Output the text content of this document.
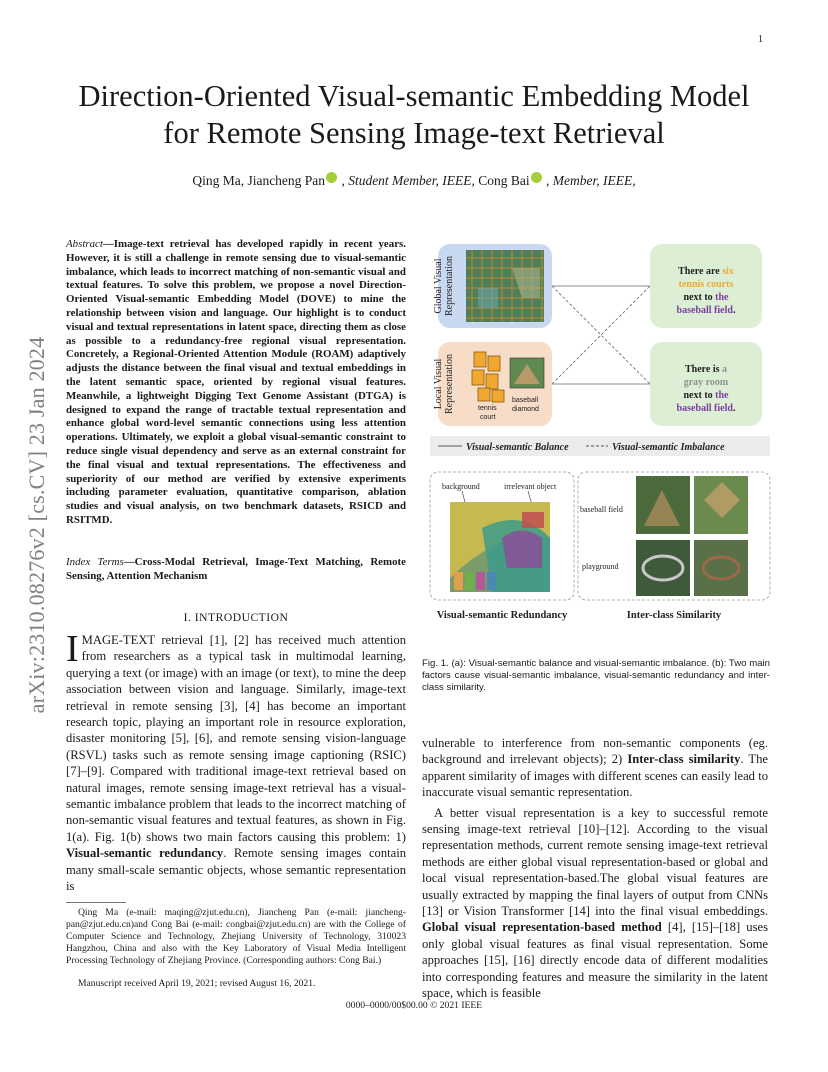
1
arXiv:2310.08276v2 [cs.CV] 23 Jan 2024
Direction-Oriented Visual-semantic Embedding Model for Remote Sensing Image-text Retrieval
Qing Ma, Jiancheng Pan , Student Member, IEEE, Cong Bai , Member, IEEE,
Abstract—Image-text retrieval has developed rapidly in recent years. However, it is still a challenge in remote sensing due to visual-semantic imbalance, which leads to incorrect matching of non-semantic visual and textual features. To solve this problem, we propose a novel Direction-Oriented Visual-semantic Embedding Model (DOVE) to mine the relationship between vision and language. Our highlight is to conduct visual and textual representations in latent space, directing them as close as possible to a redundancy-free regional visual representation. Concretely, a Regional-Oriented Attention Module (ROAM) adaptively adjusts the distance between the final visual and textual embeddings in the latent semantic space, oriented by regional visual features. Meanwhile, a lightweight Digging Text Genome Assistant (DTGA) is designed to expand the range of tractable textual representation and enhance global word-level semantic connections using less attention operations. Ultimately, we exploit a global visual-semantic constraint to reduce single visual dependency and serve as an external constraint for the final visual and textual representations. The effectiveness and superiority of our method are verified by extensive experiments including parameter evaluation, quantitative comparison, ablation studies and visual analysis, on two benchmark datasets, RSICD and RSITMD.
Index Terms—Cross-Modal Retrieval, Image-Text Matching, Remote Sensing, Attention Mechanism
I. INTRODUCTION
IMAGE-TEXT retrieval [1], [2] has received much attention from researchers as a typical task in multimodal learning, querying a text (or image) with an image (or text), to mine the deep association between vision and language. Similarly, image-text retrieval in remote sensing [3], [4] has become an important research topic, playing an important role in resource exploration, disaster monitoring [5], [6], and remote sensing vision-language (RSVL) tasks such as remote sensing image captioning (RSIC) [7]–[9]. Compared with traditional image-text retrieval based on natural images, remote sensing image-text retrieval has a visual-semantic imbalance problem that leads to the incorrect matching of non-semantic visual features and textual features, as shown in Fig. 1(a). Fig. 1(b) shows two main factors causing this problem: 1) Visual-semantic redundancy. Remote sensing images contain many small-scale semantic objects, whose semantic representation is
Qing Ma (e-mail: maqing@zjut.edu.cn), Jiancheng Pan (e-mail: jiancheng-pan@zjut.edu.cn)and Cong Bai (e-mail: congbai@zjut.edu.cn) are with the College of Computer Science and Technology, Zhejiang University of Technology, 310023 Hangzhou, China and also with the Key Laboratory of Visual Media Intelligent Processing Technology of Zhejiang Province. (Corresponding authors: Cong Bai.)
Manuscript received April 19, 2021; revised August 16, 2021.
0000–0000/00$00.00 © 2021 IEEE
Global VisualRepresentation
tennis court
baseball diamond
Local VisualRepresentation
There are six
tennis courts
next to the
baseball field.
There is a
gray room
next to the
baseball field.
Visual-semantic Balance	Visual-semantic Imbalance
background	irrelevant object
baseball field
playground
Visual-semantic Redundancy	Inter-class Similarity
Fig. 1. (a): Visual-semantic balance and visual-semantic imbalance. (b): Two main factors cause visual-semantic imbalance, visual-semantic redundancy and inter-class similarity.

vulnerable to interference from non-semantic components (eg. background and irrelevant objects); 2) Inter-class similarity. The apparent similarity of images with different scenes can easily lead to inaccurate visual semantic representation.

A better visual representation is a key to successful remote sensing image-text retrieval [10]–[12]. According to the visual representation methods, current remote sensing image-text retrieval methods are either global visual representation-based or global and local visual representation-based.The global visual features are usually extracted by mapping the final layers of output from CNNs [13] or Vision Transformer [14] into the final visual embeddings. Global visual representation-based method [4], [15]–[18] uses only global visual features as final visual representation. Some approaches [15], [16] directly encode data of different modalities into corresponding features and measure the similarity in the latent space, which is feasible
